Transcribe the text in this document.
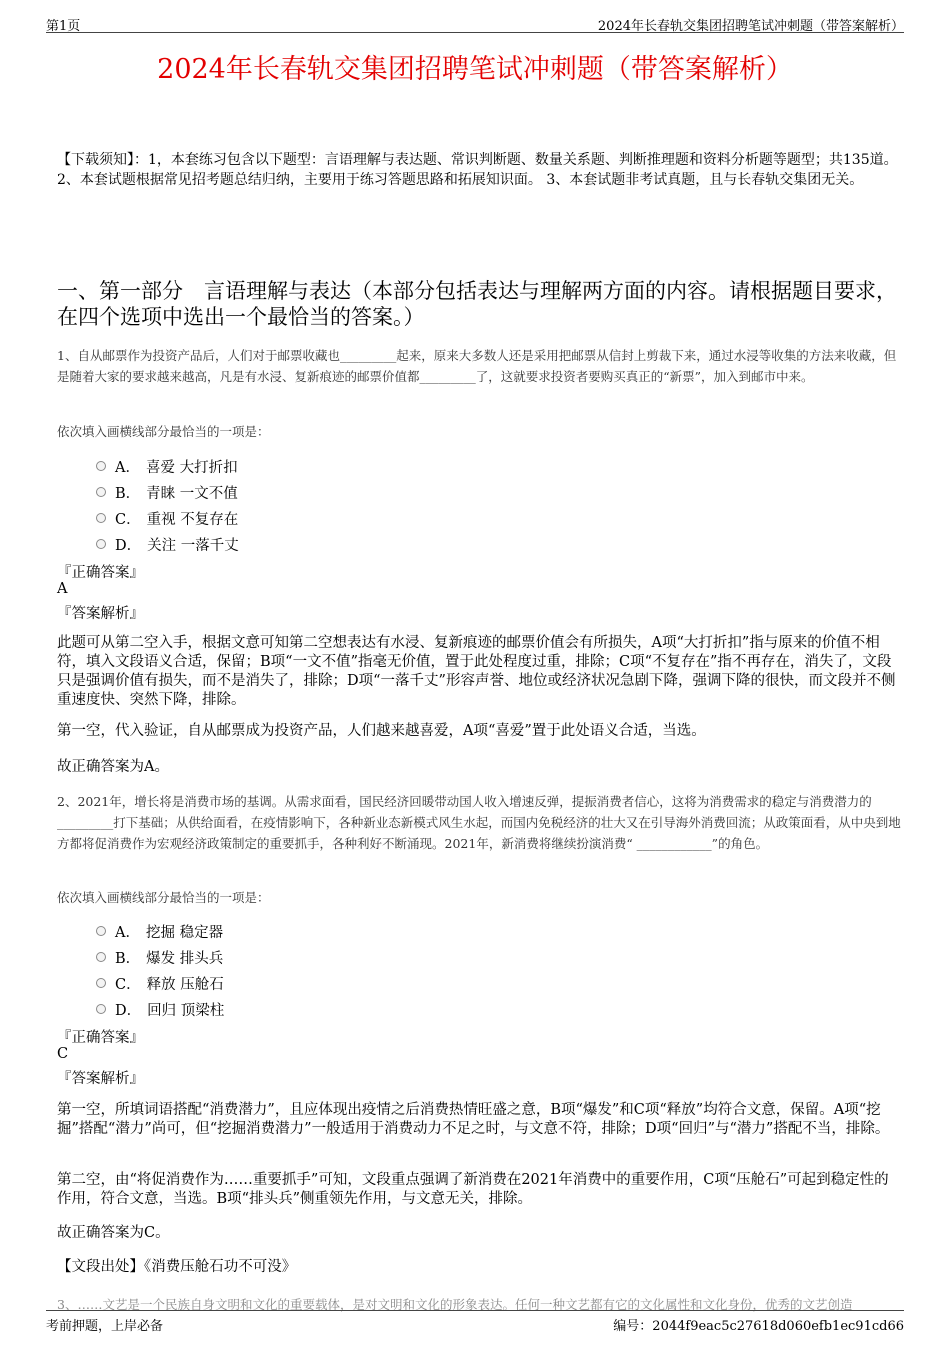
第1页	2024年长春轨交集团招聘笔试冲刺题（带答案解析）
2024年长春轨交集团招聘笔试冲刺题（带答案解析）
【下载须知】：1，本套练习包含以下题型：言语理解与表达题、常识判断题、数量关系题、判断推理题和资料分析题等题型；共135道。 2、本套试题根据常见招考题总结归纳，主要用于练习答题思路和拓展知识面。 3、本套试题非考试真题，且与长春轨交集团无关。
一、第一部分　言语理解与表达（本部分包括表达与理解两方面的内容。请根据题目要求，在四个选项中选出一个最恰当的答案。）
1、自从邮票作为投资产品后，人们对于邮票收藏也_________起来，原来大多数人还是采用把邮票从信封上剪裁下来，通过水浸等收集的方法来收藏，但是随着大家的要求越来越高，凡是有水浸、复新痕迹的邮票价值都_________了，这就要求投资者要购买真正的“新票”，加入到邮市中来。
依次填入画横线部分最恰当的一项是：
A． 喜爱 大打折扣
B． 青睐 一文不值
C． 重视 不复存在
D． 关注 一落千丈
『正确答案』
A
『答案解析』
此题可从第二空入手，根据文意可知第二空想表达有水浸、复新痕迹的邮票价值会有所损失，A项“大打折扣”指与原来的价值不相符，填入文段语义合适，保留；B项“一文不值”指毫无价值，置于此处程度过重，排除；C项“不复存在”指不再存在，消失了，文段只是强调价值有损失，而不是消失了，排除；D项“一落千丈”形容声誉、地位或经济状况急剧下降，强调下降的很快，而文段并不侧重速度快、突然下降，排除。
第一空，代入验证，自从邮票成为投资产品，人们越来越喜爱，A项“喜爱”置于此处语义合适，当选。
故正确答案为A。
2、2021年，增长将是消费市场的基调。从需求面看，国民经济回暖带动国人收入增速反弹，提振消费者信心，这将为消费需求的稳定与消费潜力的 _________打下基础；从供给面看，在疫情影响下，各种新业态新模式风生水起，而国内免税经济的壮大又在引导海外消费回流；从政策面看，从中央到地方都将促消费作为宏观经济政策制定的重要抓手，各种利好不断涌现。2021年，新消费将继续扮演消费“ ____________”的角色。
依次填入画横线部分最恰当的一项是：
A． 挖掘 稳定器
B． 爆发 排头兵
C． 释放 压舱石
D． 回归 顶梁柱
『正确答案』
C
『答案解析』
第一空，所填词语搭配“消费潜力”，且应体现出疫情之后消费热情旺盛之意，B项“爆发”和C项“释放”均符合文意，保留。A项“挖掘”搭配“潜力”尚可，但“挖掘消费潜力”一般适用于消费动力不足之时，与文意不符，排除；D项“回归”与“潜力”搭配不当，排除。
第二空，由“将促消费作为……重要抓手”可知，文段重点强调了新消费在2021年消费中的重要作用，C项“压舱石”可起到稳定性的作用，符合文意，当选。B项“排头兵”侧重领先作用，与文意无关，排除。
故正确答案为C。
【文段出处】《消费压舱石功不可没》
3、……文艺是一个民族自身文明和文化的重要载体，是对文明和文化的形象表达。任何一种文艺都有它的文化属性和文化身份，优秀的文艺创造
考前押题，上岸必备	编号：2044f9eac5c27618d060efb1ec91cd66
